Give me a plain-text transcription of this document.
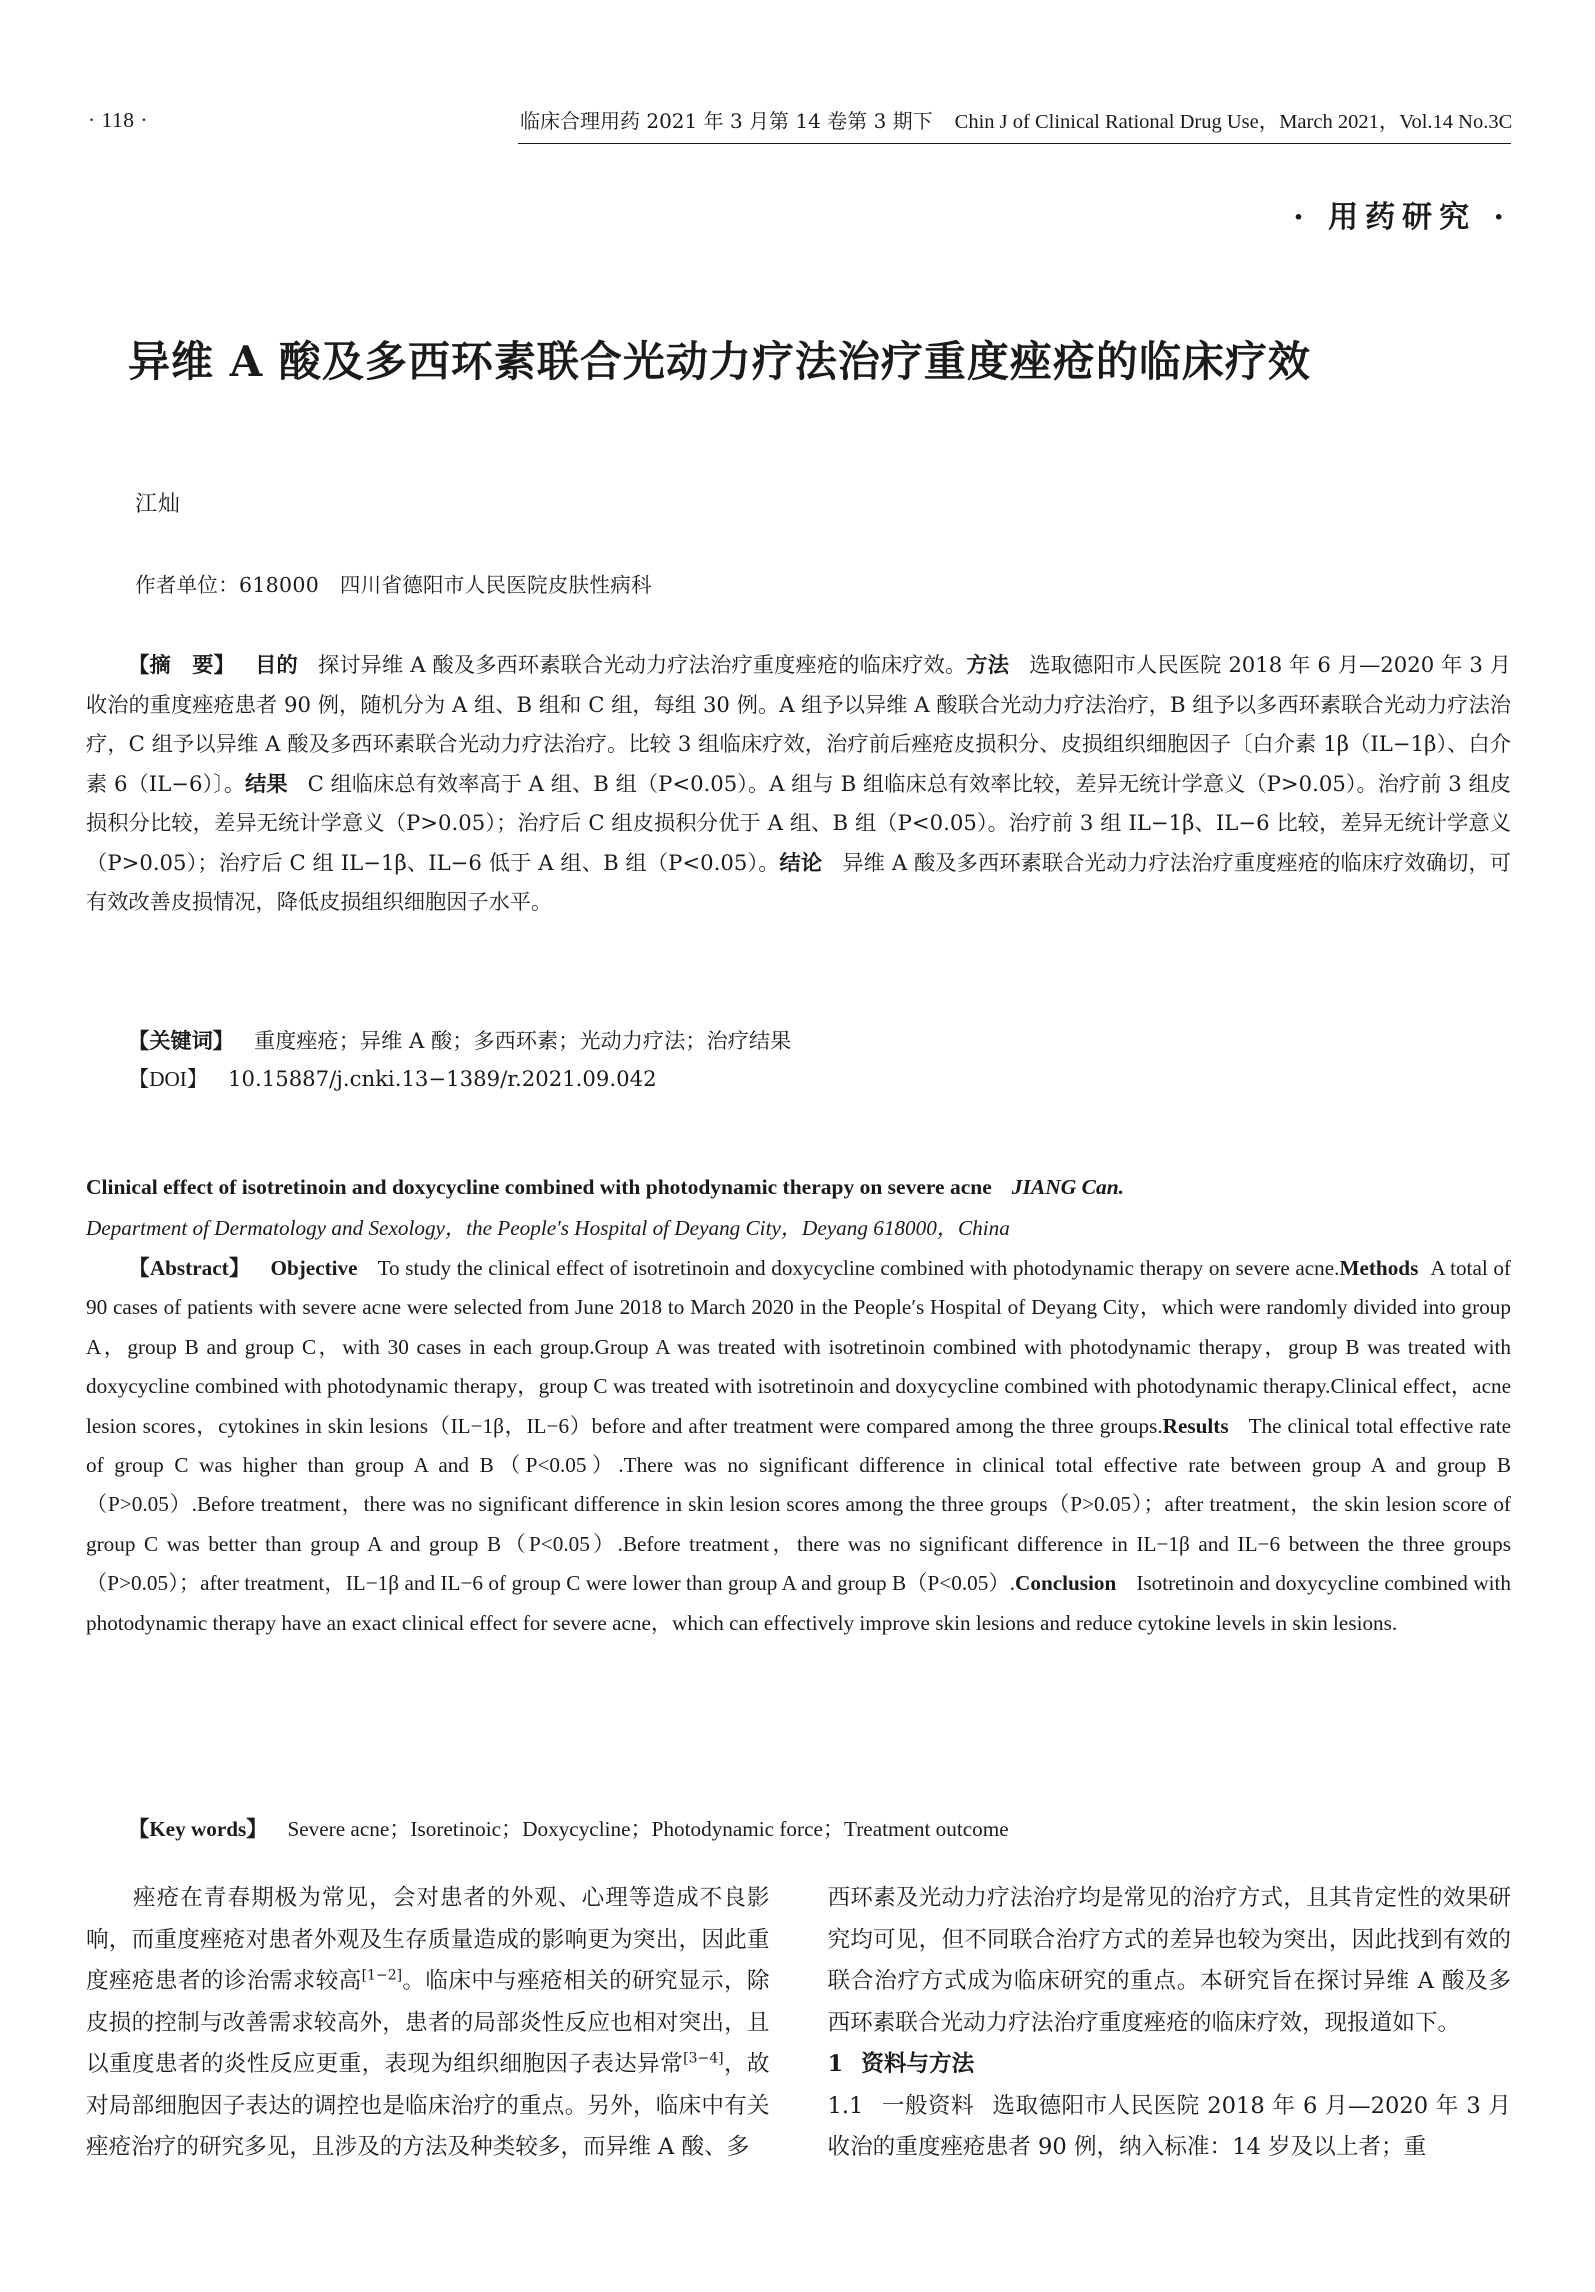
· 118 ·	临床合理用药 2021 年 3 月第 14 卷第 3 期下 Chin J of Clinical Rational Drug Use，March 2021，Vol.14 No.3C
· 用药研究 ·
异维 A 酸及多西环素联合光动力疗法治疗重度痤疮的临床疗效
江灿
作者单位：618000　四川省德阳市人民医院皮肤性病科
【摘　要】 目的 探讨异维 A 酸及多西环素联合光动力疗法治疗重度痤疮的临床疗效。方法 选取德阳市人民医院 2018 年 6 月—2020 年 3 月收治的重度痤疮患者 90 例，随机分为 A 组、B 组和 C 组，每组 30 例。A 组予以异维 A 酸联合光动力疗法治疗，B 组予以多西环素联合光动力疗法治疗，C 组予以异维 A 酸及多西环素联合光动力疗法治疗。比较 3 组临床疗效，治疗前后痤疮皮损积分、皮损组织细胞因子〔白介素 1β（IL−1β）、白介素 6（IL−6）〕。结果 C 组临床总有效率高于 A 组、B 组（P<0.05）。A 组与 B 组临床总有效率比较，差异无统计学意义（P>0.05）。治疗前 3 组皮损积分比较，差异无统计学意义（P>0.05）；治疗后 C 组皮损积分优于 A 组、B 组（P<0.05）。治疗前 3 组 IL−1β、IL−6 比较，差异无统计学意义（P>0.05）；治疗后 C 组 IL−1β、IL−6 低于 A 组、B 组（P<0.05）。结论 异维 A 酸及多西环素联合光动力疗法治疗重度痤疮的临床疗效确切，可有效改善皮损情况，降低皮损组织细胞因子水平。
【关键词】 重度痤疮；异维 A 酸；多西环素；光动力疗法；治疗结果
【DOI】 10.15887/j.cnki.13−1389/r.2021.09.042
Clinical effect of isotretinoin and doxycycline combined with photodynamic therapy on severe acne JIANG Can.
Department of Dermatology and Sexology，the People′s Hospital of Deyang City，Deyang 618000，China
【Abstract】 Objective To study the clinical effect of isotretinoin and doxycycline combined with photodynamic therapy on severe acne.Methods A total of 90 cases of patients with severe acne were selected from June 2018 to March 2020 in the People′s Hospital of Deyang City，which were randomly divided into group A，group B and group C，with 30 cases in each group.Group A was treated with isotretinoin combined with photodynamic therapy，group B was treated with doxycycline combined with photodynamic therapy，group C was treated with isotretinoin and doxycycline combined with photodynamic therapy.Clinical effect，acne lesion scores，cytokines in skin lesions（IL−1β，IL−6）before and after treatment were compared among the three groups.Results The clinical total effective rate of group C was higher than group A and B（P<0.05）.There was no significant difference in clinical total effective rate between group A and group B（P>0.05）.Before treatment，there was no significant difference in skin lesion scores among the three groups（P>0.05）；after treatment，the skin lesion score of group C was better than group A and group B（P<0.05）.Before treatment，there was no significant difference in IL−1β and IL−6 between the three groups（P>0.05）；after treatment，IL−1β and IL−6 of group C were lower than group A and group B（P<0.05）.Conclusion Isotretinoin and doxycycline combined with photodynamic therapy have an exact clinical effect for severe acne，which can effectively improve skin lesions and reduce cytokine levels in skin lesions.
【Key words】 Severe acne；Isoretinoic；Doxycycline；Photodynamic force；Treatment outcome

痤疮在青春期极为常见，会对患者的外观、心理等造成不良影响，而重度痤疮对患者外观及生存质量造成的影响更为突出，因此重度痤疮患者的诊治需求较高[1−2]。临床中与痤疮相关的研究显示，除皮损的控制与改善需求较高外，患者的局部炎性反应也相对突出，且以重度患者的炎性反应更重，表现为组织细胞因子表达异常[3−4]，故对局部细胞因子表达的调控也是临床治疗的重点。另外，临床中有关痤疮治疗的研究多见，且涉及的方法及种类较多，而异维 A 酸、多

西环素及光动力疗法治疗均是常见的治疗方式，且其肯定性的效果研究均可见，但不同联合治疗方式的差异也较为突出，因此找到有效的联合治疗方式成为临床研究的重点。本研究旨在探讨异维 A 酸及多西环素联合光动力疗法治疗重度痤疮的临床疗效，现报道如下。

1 资料与方法

1.1 一般资料 选取德阳市人民医院 2018 年 6 月—2020 年 3 月收治的重度痤疮患者 90 例，纳入标准：14 岁及以上者；重
